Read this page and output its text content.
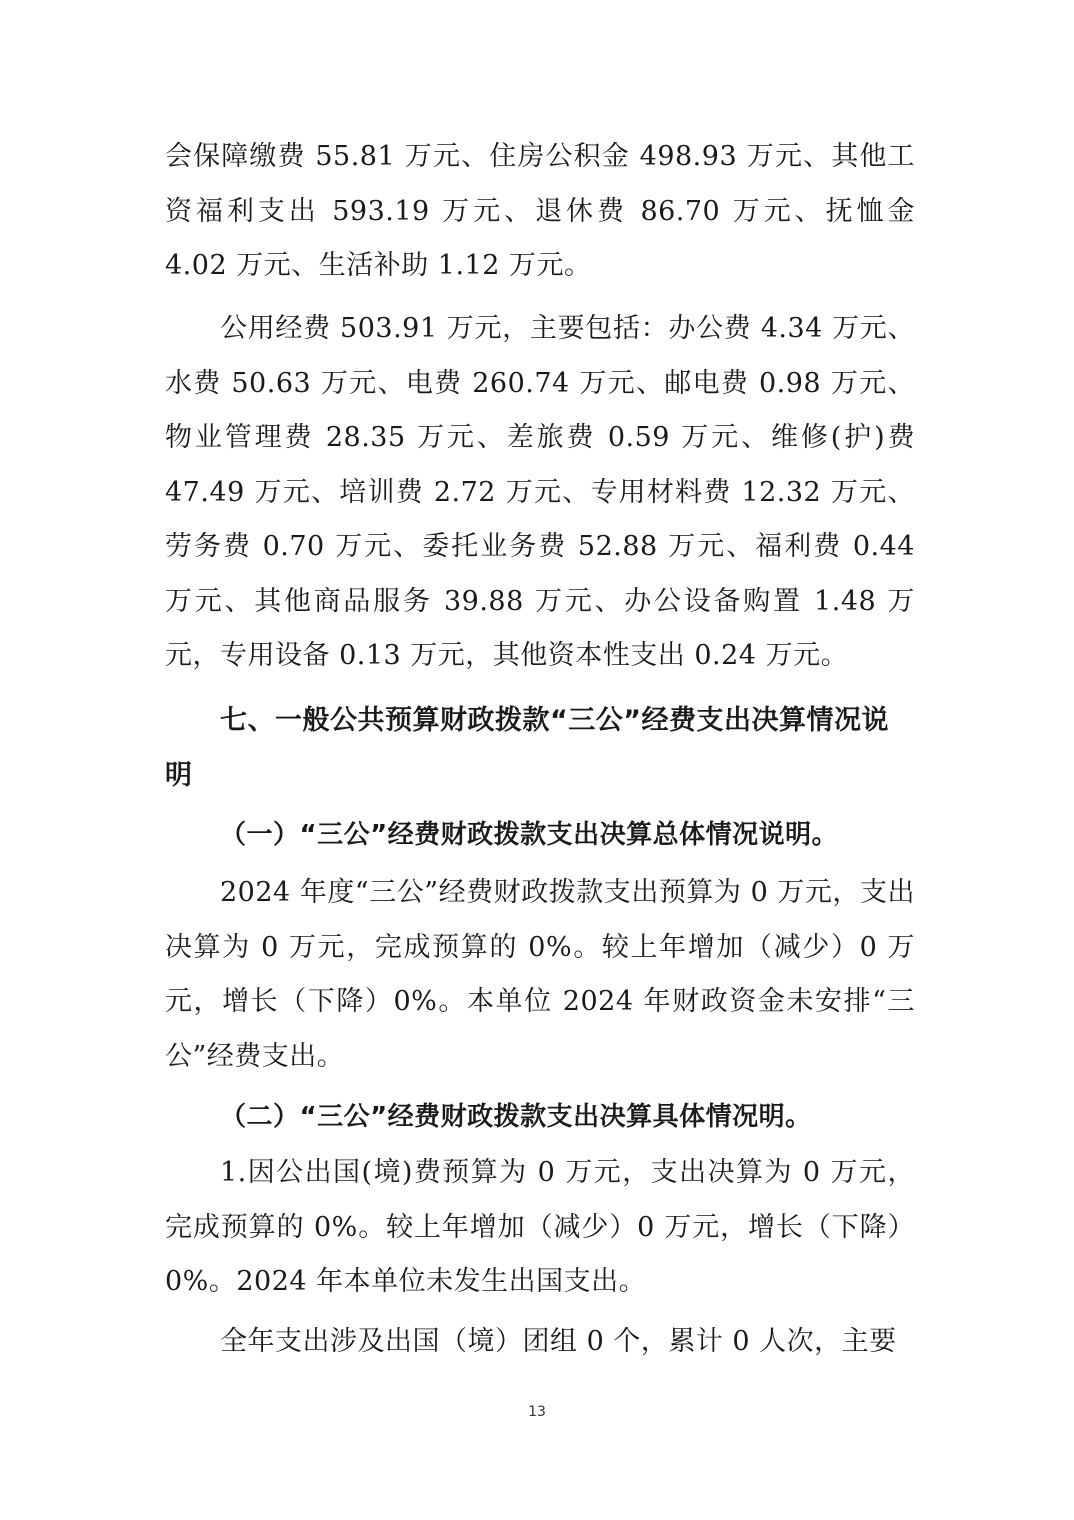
会保障缴费 55.81 万元、住房公积金 498.93 万元、其他工资福利支出 593.19 万元、退休费 86.70 万元、抚恤金 4.02 万元、生活补助 1.12 万元。

公用经费 503.91 万元，主要包括：办公费 4.34 万元、水费 50.63 万元、电费 260.74 万元、邮电费 0.98 万元、物业管理费 28.35 万元、差旅费 0.59 万元、维修(护)费 47.49 万元、培训费 2.72 万元、专用材料费 12.32 万元、劳务费 0.70 万元、委托业务费 52.88 万元、福利费 0.44 万元、其他商品服务 39.88 万元、办公设备购置 1.48 万元，专用设备 0.13 万元，其他资本性支出 0.24 万元。

七、一般公共预算财政拨款“三公”经费支出决算情况说明
（一）“三公”经费财政拨款支出决算总体情况说明。

2024 年度“三公”经费财政拨款支出预算为 0 万元，支出决算为 0 万元，完成预算的 0%。较上年增加（减少）0 万元，增长（下降）0%。本单位 2024 年财政资金未安排“三公”经费支出。

（二）“三公”经费财政拨款支出决算具体情况明。

1.因公出国(境)费预算为 0 万元，支出决算为 0 万元，完成预算的 0%。较上年增加（减少）0 万元，增长（下降）0%。2024 年本单位未发生出国支出。

全年支出涉及出国（境）团组 0 个，累计 0 人次，主要

13
